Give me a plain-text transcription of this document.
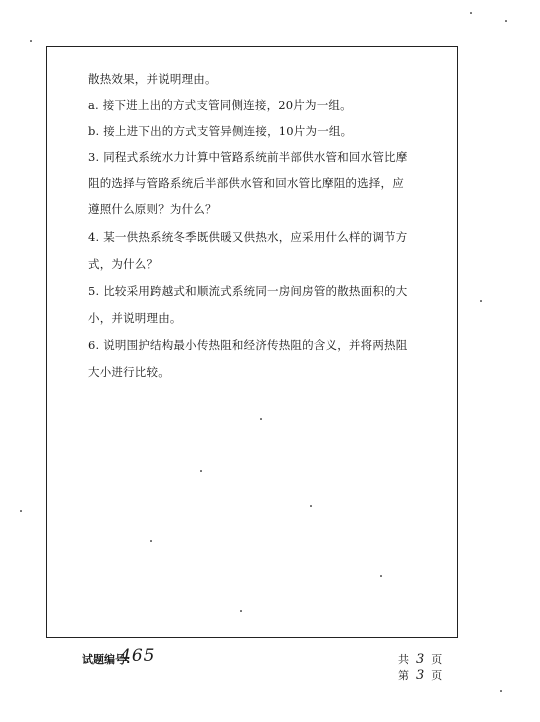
散热效果，并说明理由。
a. 接下进上出的方式支管同侧连接，20片为一组。
b. 接上进下出的方式支管异侧连接，10片为一组。
3. 同程式系统水力计算中管路系统前半部供水管和回水管比摩
阻的选择与管路系统后半部供水管和回水管比摩阻的选择，应
遵照什么原则？为什么？
4. 某一供热系统冬季既供暖又供热水，应采用什么样的调节方
式，为什么？
5. 比较采用跨越式和顺流式系统同一房间房管的散热面积的大
小，并说明理由。
6. 说明围护结构最小传热阻和经济传热阻的含义，并将两热阻
大小进行比较。
试题编号:
465	共 3 页
第 3 页
